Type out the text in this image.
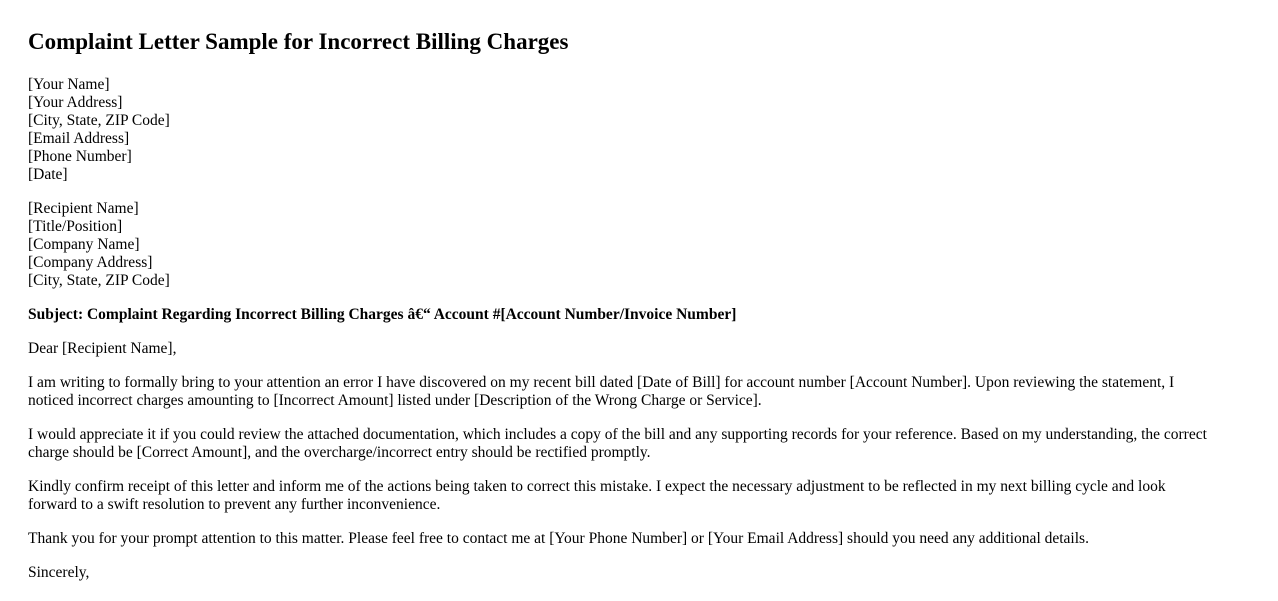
Complaint Letter Sample for Incorrect Billing Charges
[Your Name]
[Your Address]
[City, State, ZIP Code]
[Email Address]
[Phone Number]
[Date]
[Recipient Name]
[Title/Position]
[Company Name]
[Company Address]
[City, State, ZIP Code]
Subject: Complaint Regarding Incorrect Billing Charges â€“ Account #[Account Number/Invoice Number]
Dear [Recipient Name],
I am writing to formally bring to your attention an error I have discovered on my recent bill dated [Date of Bill] for account number [Account Number]. Upon reviewing the statement, I
noticed incorrect charges amounting to [Incorrect Amount] listed under [Description of the Wrong Charge or Service].
I would appreciate it if you could review the attached documentation, which includes a copy of the bill and any supporting records for your reference. Based on my understanding, the correct
charge should be [Correct Amount], and the overcharge/incorrect entry should be rectified promptly.
Kindly confirm receipt of this letter and inform me of the actions being taken to correct this mistake. I expect the necessary adjustment to be reflected in my next billing cycle and look
forward to a swift resolution to prevent any further inconvenience.
Thank you for your prompt attention to this matter. Please feel free to contact me at [Your Phone Number] or [Your Email Address] should you need any additional details.
Sincerely,
